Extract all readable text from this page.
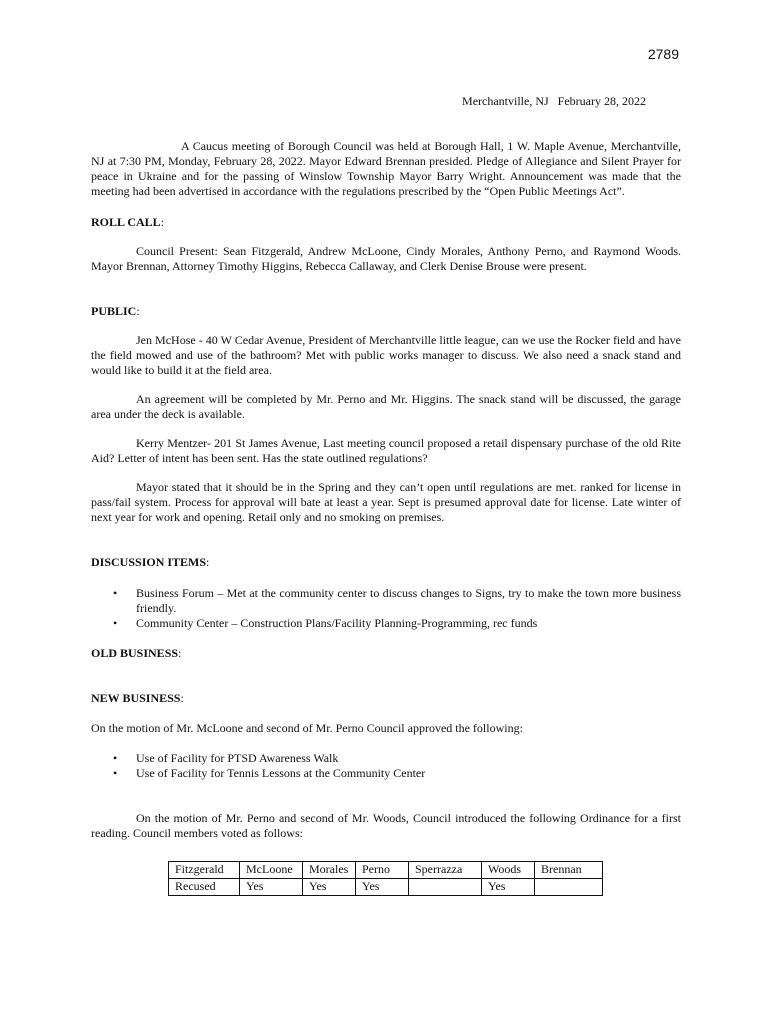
2789
Merchantville, NJ   February 28, 2022

A Caucus meeting of Borough Council was held at Borough Hall, 1 W. Maple Avenue, Merchantville, NJ at 7:30 PM, Monday, February 28, 2022. Mayor Edward Brennan presided. Pledge of Allegiance and Silent Prayer for peace in Ukraine and for the passing of Winslow Township Mayor Barry Wright. Announcement was made that the meeting had been advertised in accordance with the regulations prescribed by the “Open Public Meetings Act”.

ROLL CALL:

Council Present: Sean Fitzgerald, Andrew McLoone, Cindy Morales, Anthony Perno, and Raymond Woods. Mayor Brennan, Attorney Timothy Higgins, Rebecca Callaway, and Clerk Denise Brouse were present.

PUBLIC:

Jen McHose - 40 W Cedar Avenue, President of Merchantville little league, can we use the Rocker field and have the field mowed and use of the bathroom? Met with public works manager to discuss. We also need a snack stand and would like to build it at the field area.

An agreement will be completed by Mr. Perno and Mr. Higgins. The snack stand will be discussed, the garage area under the deck is available.

Kerry Mentzer- 201 St James Avenue, Last meeting council proposed a retail dispensary purchase of the old Rite Aid? Letter of intent has been sent. Has the state outlined regulations?

Mayor stated that it should be in the Spring and they can’t open until regulations are met. ranked for license in pass/fail system. Process for approval will bate at least a year. Sept is presumed approval date for license. Late winter of next year for work and opening. Retail only and no smoking on premises.

DISCUSSION ITEMS:

• Business Forum – Met at the community center to discuss changes to Signs, try to make the town more business friendly.
• Community Center – Construction Plans/Facility Planning-Programming, rec funds

OLD BUSINESS:

NEW BUSINESS:

On the motion of Mr. McLoone and second of Mr. Perno Council approved the following:

• Use of Facility for PTSD Awareness Walk
• Use of Facility for Tennis Lessons at the Community Center

On the motion of Mr. Perno and second of Mr. Woods, Council introduced the following Ordinance for a first reading. Council members voted as follows:

Fitzgerald	McLoone	Morales	Perno	Sperrazza	Woods	Brennan
Recused	Yes	Yes	Yes		Yes	
